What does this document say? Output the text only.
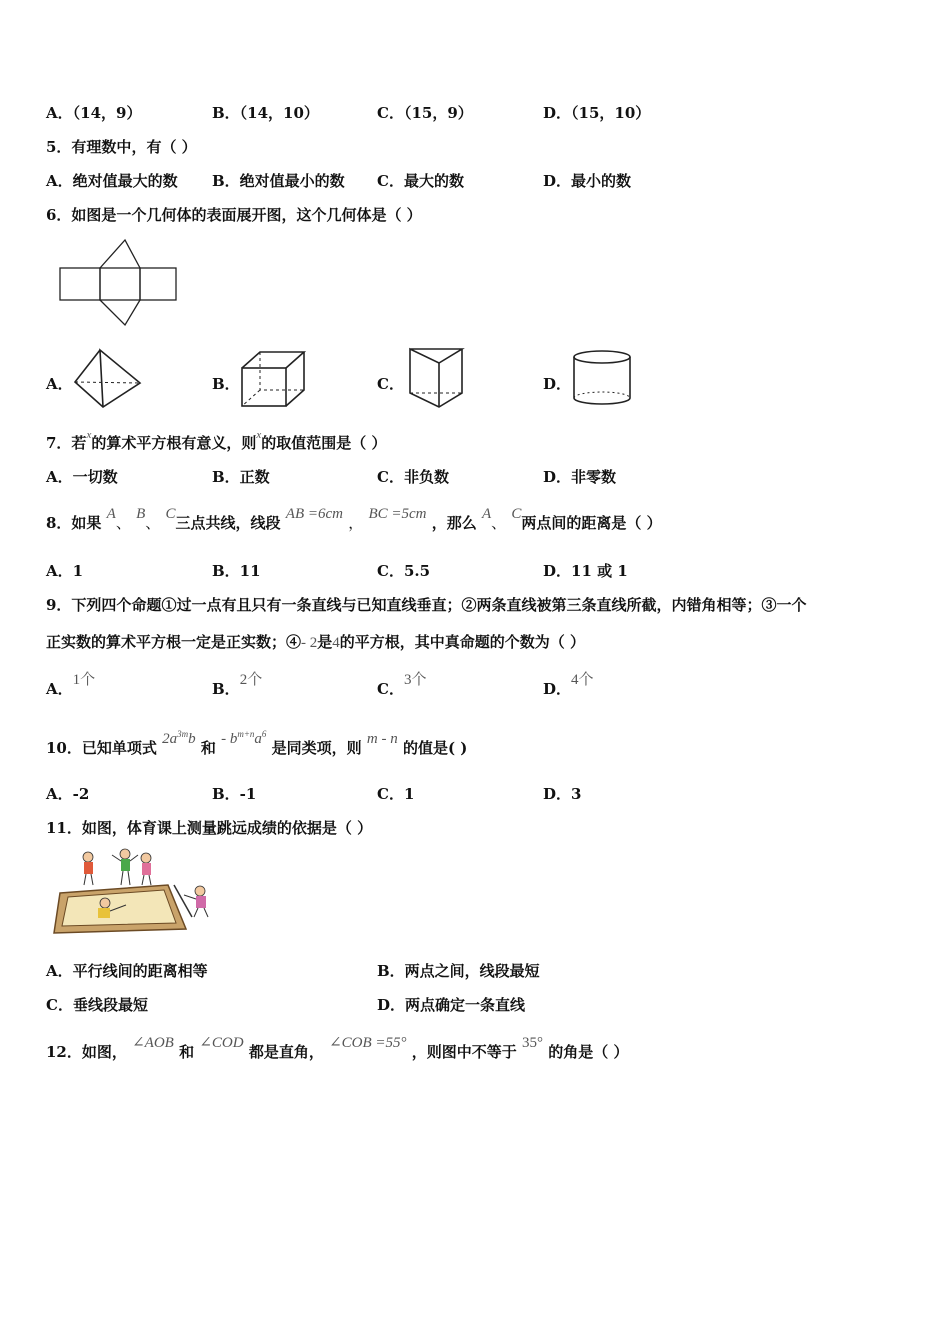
A．（14，9）	B．（14，10）	C．（15，9）	D．（15，10）
5．有理数中，有（ ）
A．绝对值最大的数 B．绝对值最小的数 C．最大的数	D．最小的数
6．如图是一个几何体的表面展开图，这个几何体是（ ）
A．	B．	C．	D．
7．若$^x$的算术平方根有意义，则$^x$的取值范围是（ ）
A．一切数	B．正数	C．非负数	D．非零数
8．如果 A、 B、 C三点共线，线段 AB =6cm ， BC =5cm ，那么 A、 C两点间的距离是（ ）
A．1	B．11	C．5.5	D．11 或 1
9．下列四个命题①过一点有且只有一条直线与已知直线垂直；②两条直线被第三条直线所截，内错角相等；③一个
正实数的算术平方根一定是正实数；④- 2是4的平方根，其中真命题的个数为（ ）
A．1个	B．2个	C．3个	D．4个
10．已知单项式 $2a^{3m}b$ 和 - $b^{m+n}a^6$ 是同类项，则 m - n 的值是( )
A．-2	B．-1	C．1	D．3
11．如图，体育课上测量跳远成绩的依据是（ ）
A．平行线间的距离相等	B．两点之间，线段最短
C．垂线段最短	D．两点确定一条直线
12．如图， ∠AOB 和 ∠COD 都是直角， ∠COB =55° ，则图中不等于 35° 的角是（ ）
